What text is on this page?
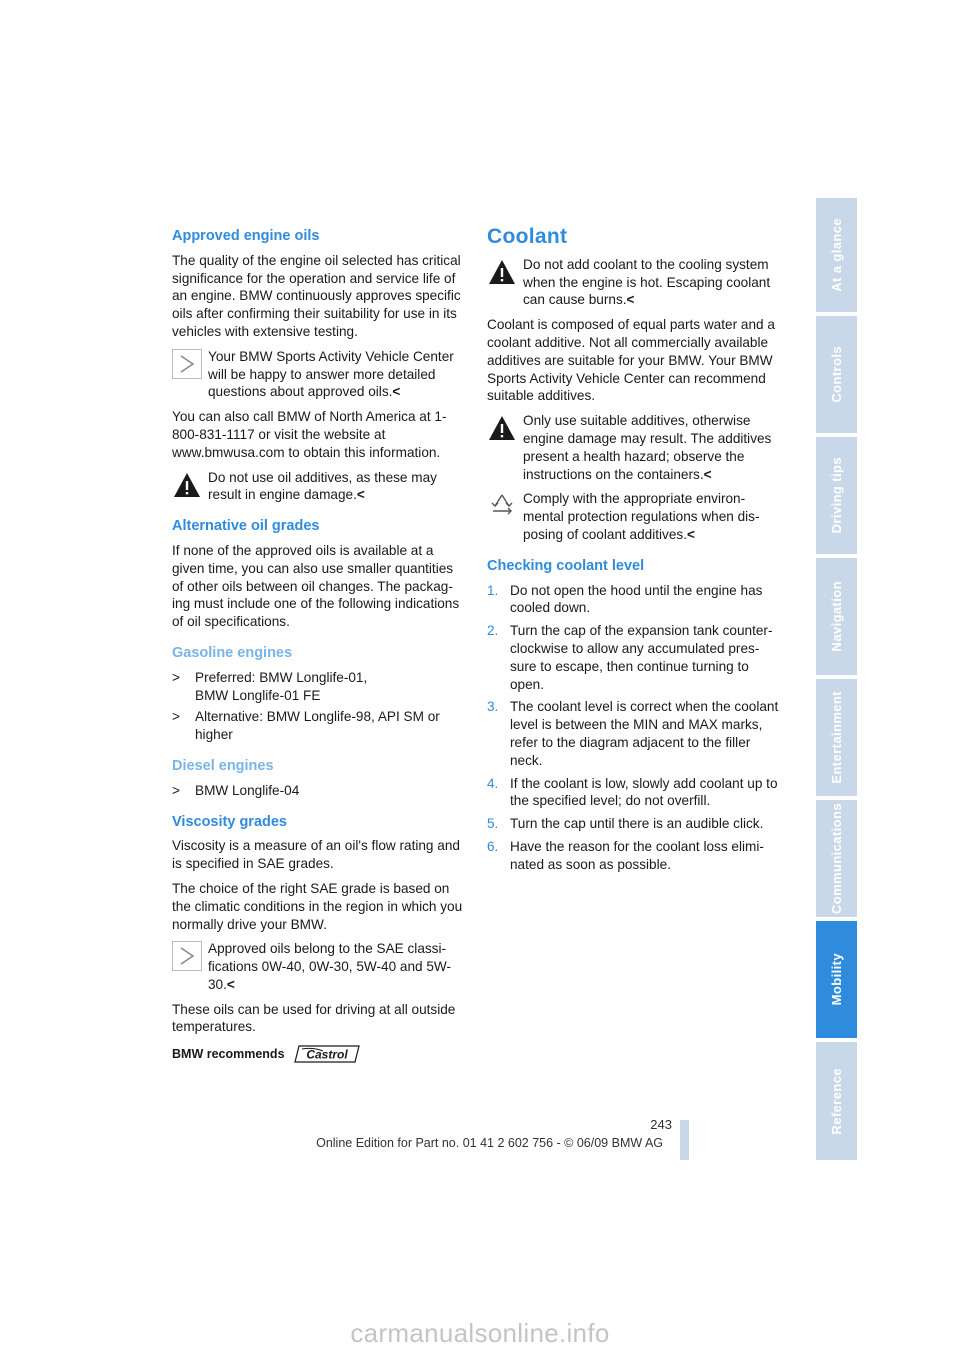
Approved engine oils

The quality of the engine oil selected has critical significance for the operation and service life of an engine. BMW continuously approves specific oils after confirming their suitability for use in its vehicles with extensive testing.

Your BMW Sports Activity Vehicle Center will be happy to answer more detailed questions about approved oils.<

You can also call BMW of North America at 1-800-831-1117 or visit the website at www.bmwusa.com to obtain this information.

Do not use oil additives, as these may result in engine damage.<
Alternative oil grades

If none of the approved oils is available at a given time, you can also use smaller quantities of other oils between oil changes. The packaging must include one of the following indications of oil specifications.

Gasoline engines
> Preferred: BMW Longlife-01,
BMW Longlife-01 FE
> Alternative: BMW Longlife-98, API SM or higher
Diesel engines
> BMW Longlife-04
Viscosity grades

Viscosity is a measure of an oil's flow rating and is specified in SAE grades.

The choice of the right SAE grade is based on the climatic conditions in the region in which you normally drive your BMW.

Approved oils belong to the SAE classifications 0W-40, 0W-30, 5W-40 and 5W-30.<

These oils can be used for driving at all outside temperatures.

BMW recommends Castrol
Coolant
Do not add coolant to the cooling system when the engine is hot. Escaping coolant can cause burns.<

Coolant is composed of equal parts water and a coolant additive. Not all commercially available additives are suitable for your BMW. Your BMW Sports Activity Vehicle Center can recommend suitable additives.

Only use suitable additives, otherwise engine damage may result. The additives present a health hazard; observe the instructions on the containers.<
Comply with the appropriate environmental protection regulations when disposing of coolant additives.<
Checking coolant level
1. Do not open the hood until the engine has cooled down.
2. Turn the cap of the expansion tank counterclockwise to allow any accumulated pressure to escape, then continue turning to open.
3. The coolant level is correct when the coolant level is between the MIN and MAX marks, refer to the diagram adjacent to the filler neck.
4. If the coolant is low, slowly add coolant up to the specified level; do not overfill.
5. Turn the cap until there is an audible click.
6. Have the reason for the coolant loss eliminated as soon as possible.
At a glance
Controls
Driving tips
Navigation
Entertainment
Communications
Mobility
Reference
243
Online Edition for Part no. 01 41 2 602 756 - © 06/09 BMW AG
carmanualsonline.info
